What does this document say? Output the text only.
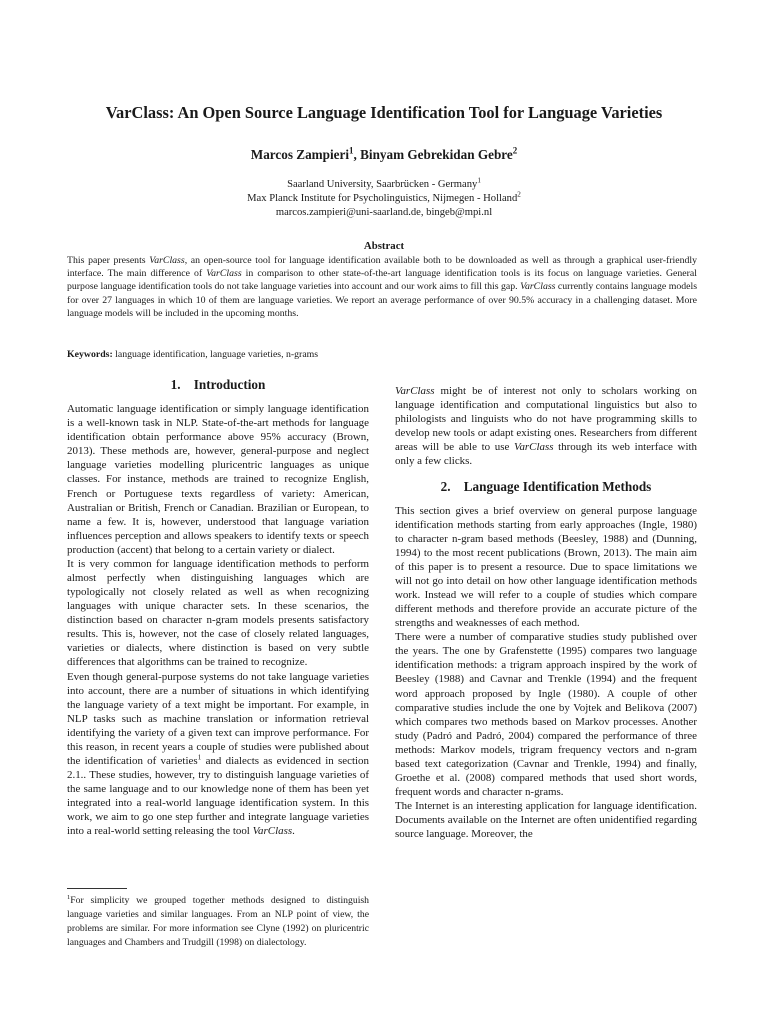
VarClass: An Open Source Language Identification Tool for Language Varieties
Marcos Zampieri$^1$, Binyam Gebrekidan Gebre$^2$
Saarland University, Saarbrücken - Germany$^1$
Max Planck Institute for Psycholinguistics, Nijmegen - Holland$^2$
marcos.zampieri@uni-saarland.de, bingeb@mpi.nl
Abstract

This paper presents VarClass, an open-source tool for language identification available both to be downloaded as well as through a graphical user-friendly interface. The main difference of VarClass in comparison to other state-of-the-art language identification tools is its focus on language varieties. General purpose language identification tools do not take language varieties into account and our work aims to fill this gap. VarClass currently contains language models for over 27 languages in which 10 of them are language varieties. We report an average performance of over 90.5% accuracy in a challenging dataset. More language models will be included in the upcoming months.

Keywords: language identification, language varieties, n-grams
1.    Introduction

Automatic language identification or simply language identification is a well-known task in NLP. State-of-the-art methods for language identification obtain performance above 95% accuracy (Brown, 2013). These methods are, however, general-purpose and neglect language varieties modelling pluricentric languages as unique classes. For instance, methods are trained to recognize English, French or Portuguese texts regardless of variety: American, Australian or British, French or Canadian. Brazilian or European, to name a few. It is, however, understood that language variation influences perception and allows speakers to identify texts or speech production (accent) that belong to a certain variety or dialect.

It is very common for language identification methods to perform almost perfectly when distinguishing languages which are typologically not closely related as well as when recognizing languages with unique character sets. In these scenarios, the distinction based on character n-gram models presents satisfactory results. This is, however, not the case of closely related languages, varieties or dialects, where distinction is based on very subtle differences that algorithms can be trained to recognize.

Even though general-purpose systems do not take language varieties into account, there are a number of situations in which identifying the language variety of a text might be important. For example, in NLP tasks such as machine translation or information retrieval identifying the variety of a given text can improve performance. For this reason, in recent years a couple of studies were published about the identification of varieties$^1$ and dialects as evidenced in section 2.1.. These studies, however, try to distinguish language varieties of the same language and to our knowledge none of them has been yet integrated into a real-world language identification system. In this work, we aim to go one step further and integrate language varieties into a real-world setting releasing the tool VarClass.

$^1$For simplicity we grouped together methods designed to distinguish language varieties and similar languages. From an NLP point of view, the problems are similar. For more information see Clyne (1992) on pluricentric languages and Chambers and Trudgill (1998) on dialectology.

VarClass might be of interest not only to scholars working on language identification and computational linguistics but also to philologists and linguists who do not have programming skills to develop new tools or adapt existing ones. Researchers from different areas will be able to use VarClass through its web interface with only a few clicks.

2.    Language Identification Methods

This section gives a brief overview on general purpose language identification methods starting from early approaches (Ingle, 1980) to character n-gram based methods (Beesley, 1988) and (Dunning, 1994) to the most recent publications (Brown, 2013). The main aim of this paper is to present a resource. Due to space limitations we will not go into detail on how other language identification methods work. Instead we will refer to a couple of studies which compare different methods and therefore provide an accurate picture of the strengths and weaknesses of each method.

There were a number of comparative studies study published over the years. The one by Grafenstette (1995) compares two language identification methods: a trigram approach inspired by the work of Beesley (1988) and Cavnar and Trenkle (1994) and the frequent word approach proposed by Ingle (1980). A couple of other comparative studies include the one by Vojtek and Belikova (2007) which compares two methods based on Markov processes. Another study (Padró and Padró, 2004) compared the performance of three methods: Markov models, trigram frequency vectors and n-gram based text categorization (Cavnar and Trenkle, 1994) and finally, Groethe et al. (2008) compared methods that used short words, frequent words and character n-grams.

The Internet is an interesting application for language identification. Documents available on the Internet are often unidentified regarding source language. Moreover, the
